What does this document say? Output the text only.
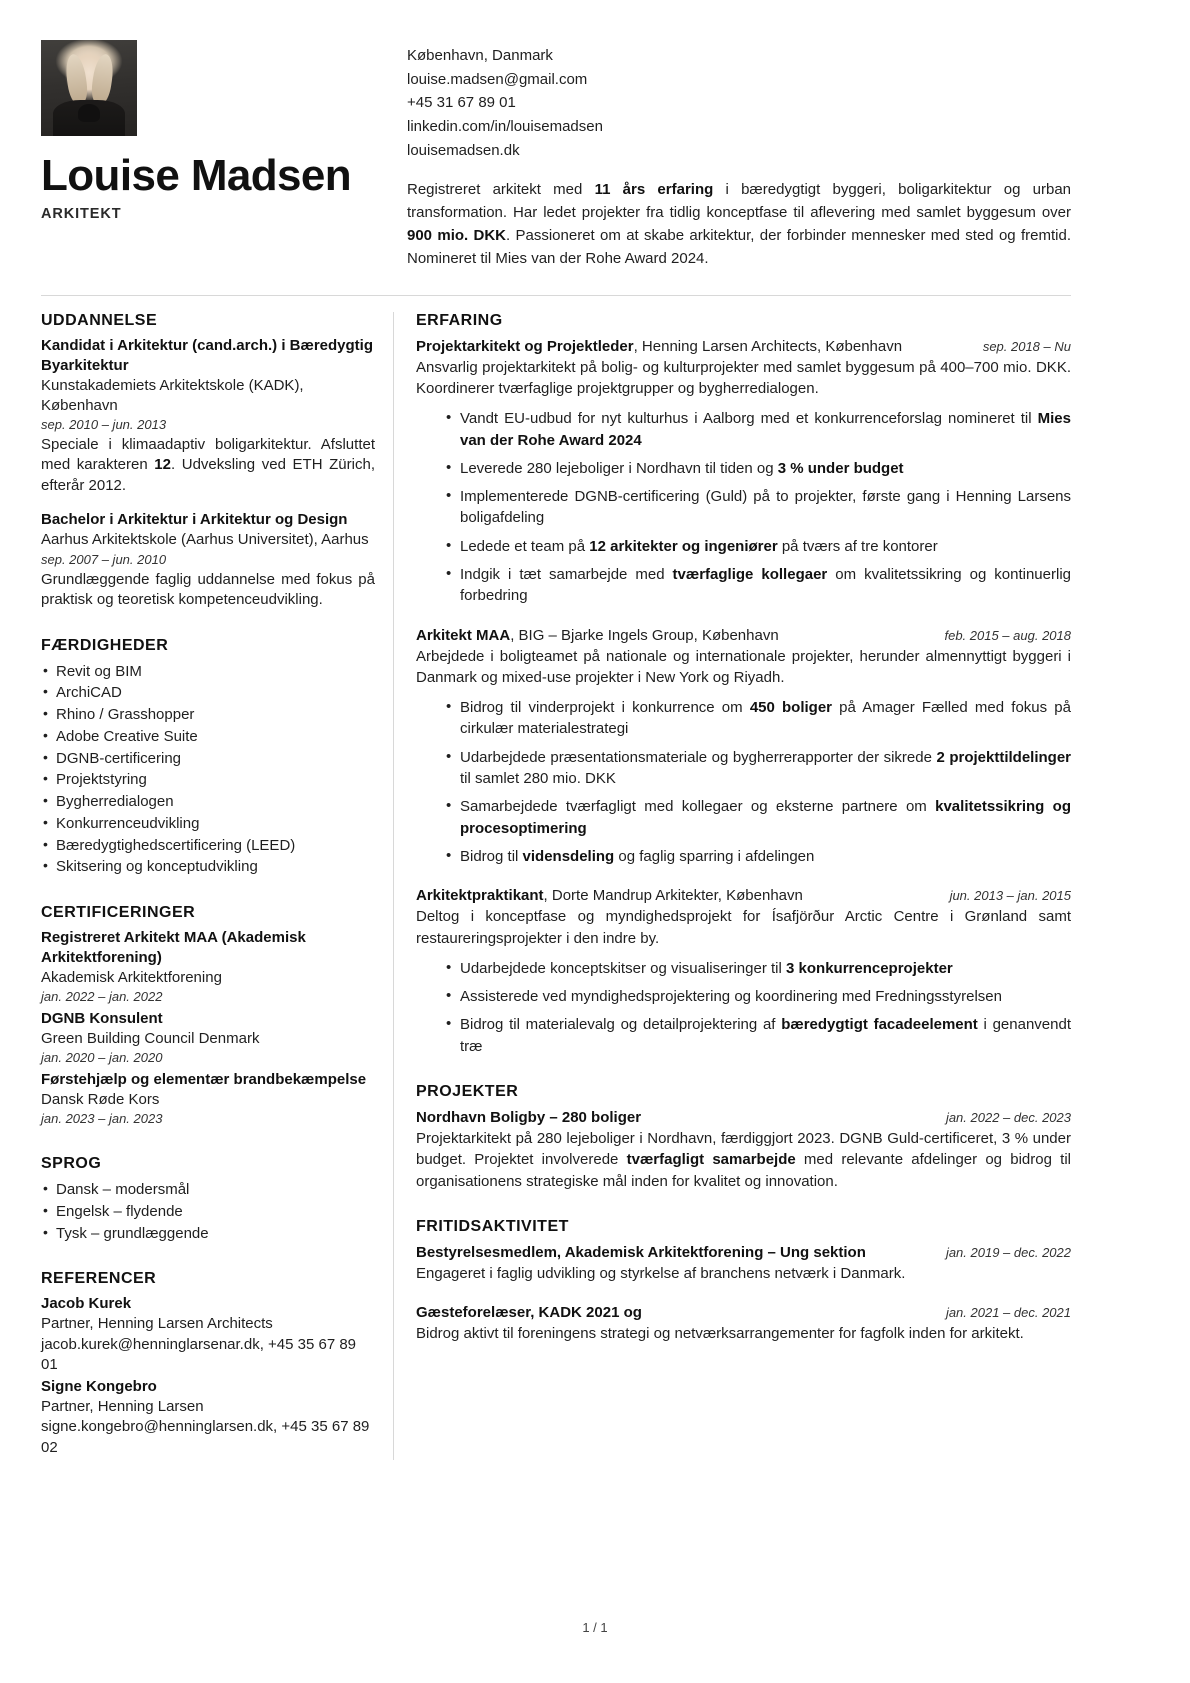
Louise Madsen
ARKITEKT
København, Danmark
louise.madsen@gmail.com
+45 31 67 89 01
linkedin.com/in/louisemadsen
louisemadsen.dk
Registreret arkitekt med 11 års erfaring i bæredygtigt byggeri, boligarkitektur og urban transformation. Har ledet projekter fra tidlig konceptfase til aflevering med samlet byggesum over 900 mio. DKK. Passioneret om at skabe arkitektur, der forbinder mennesker med sted og fremtid. Nomineret til Mies van der Rohe Award 2024.
UDDANNELSE
Kandidat i Arkitektur (cand.arch.) i Bæredygtig Byarkitektur
Kunstakademiets Arkitektskole (KADK), København
sep. 2010 – jun. 2013
Speciale i klimaadaptiv boligarkitektur. Afsluttet med karakteren 12. Udveksling ved ETH Zürich, efterår 2012.
Bachelor i Arkitektur i Arkitektur og Design
Aarhus Arkitektskole (Aarhus Universitet), Aarhus
sep. 2007 – jun. 2010
Grundlæggende faglig uddannelse med fokus på praktisk og teoretisk kompetenceudvikling.
FÆRDIGHEDER
• Revit og BIM
• ArchiCAD
• Rhino / Grasshopper
• Adobe Creative Suite
• DGNB-certificering
• Projektstyring
• Bygherredialogen
• Konkurrenceudvikling
• Bæredygtighedscertificering (LEED)
• Skitsering og konceptudvikling
CERTIFICERINGER
Registreret Arkitekt MAA (Akademisk Arkitektforening)
Akademisk Arkitektforening
jan. 2022 – jan. 2022
DGNB Konsulent
Green Building Council Denmark
jan. 2020 – jan. 2020
Førstehjælp og elementær brandbekæmpelse
Dansk Røde Kors
jan. 2023 – jan. 2023
SPROG
• Dansk – modersmål
• Engelsk – flydende
• Tysk – grundlæggende
REFERENCER
Jacob Kurek
Partner, Henning Larsen Architects
jacob.kurek@henninglarsenar.dk, +45 35 67 89 01
Signe Kongebro
Partner, Henning Larsen
signe.kongebro@henninglarsen.dk, +45 35 67 89 02
ERFARING
Projektarkitekt og Projektleder, Henning Larsen Architects, København	sep. 2018 – Nu
Ansvarlig projektarkitekt på bolig- og kulturprojekter med samlet byggesum på 400–700 mio. DKK. Koordinerer tværfaglige projektgrupper og bygherredialogen.
• Vandt EU-udbud for nyt kulturhus i Aalborg med et konkurrenceforslag nomineret til Mies van der Rohe Award 2024
• Leverede 280 lejeboliger i Nordhavn til tiden og 3 % under budget
• Implementerede DGNB-certificering (Guld) på to projekter, første gang i Henning Larsens boligafdeling
• Ledede et team på 12 arkitekter og ingeniører på tværs af tre kontorer
• Indgik i tæt samarbejde med tværfaglige kollegaer om kvalitetssikring og kontinuerlig forbedring
Arkitekt MAA, BIG – Bjarke Ingels Group, København	feb. 2015 – aug. 2018
Arbejdede i boligteamet på nationale og internationale projekter, herunder almennyttigt byggeri i Danmark og mixed-use projekter i New York og Riyadh.
• Bidrog til vinderprojekt i konkurrence om 450 boliger på Amager Fælled med fokus på cirkulær materialestrategi
• Udarbejdede præsentationsmateriale og bygherrerapporter der sikrede 2 projekttildelinger til samlet 280 mio. DKK
• Samarbejdede tværfagligt med kollegaer og eksterne partnere om kvalitetssikring og procesoptimering
• Bidrog til vidensdeling og faglig sparring i afdelingen
Arkitektpraktikant, Dorte Mandrup Arkitekter, København	jun. 2013 – jan. 2015
Deltog i konceptfase og myndighedsprojekt for Ísafjörður Arctic Centre i Grønland samt restaureringsprojekter i den indre by.
• Udarbejdede konceptskitser og visualiseringer til 3 konkurrenceprojekter
• Assisterede ved myndighedsprojektering og koordinering med Fredningsstyrelsen
• Bidrog til materialevalg og detailprojektering af bæredygtigt facadeelement i genanvendt træ
PROJEKTER
Nordhavn Boligby – 280 boliger	jan. 2022 – dec. 2023
Projektarkitekt på 280 lejeboliger i Nordhavn, færdiggjort 2023. DGNB Guld-certificeret, 3 % under budget. Projektet involverede tværfagligt samarbejde med relevante afdelinger og bidrog til organisationens strategiske mål inden for kvalitet og innovation.
FRITIDSAKTIVITET
Bestyrelsesmedlem, Akademisk Arkitektforening – Ung sektion	jan. 2019 – dec. 2022
Engageret i faglig udvikling og styrkelse af branchens netværk i Danmark.
Gæsteforelæser, KADK 2021 og	jan. 2021 – dec. 2021
Bidrog aktivt til foreningens strategi og netværksarrangementer for fagfolk inden for arkitekt.
1 / 1
